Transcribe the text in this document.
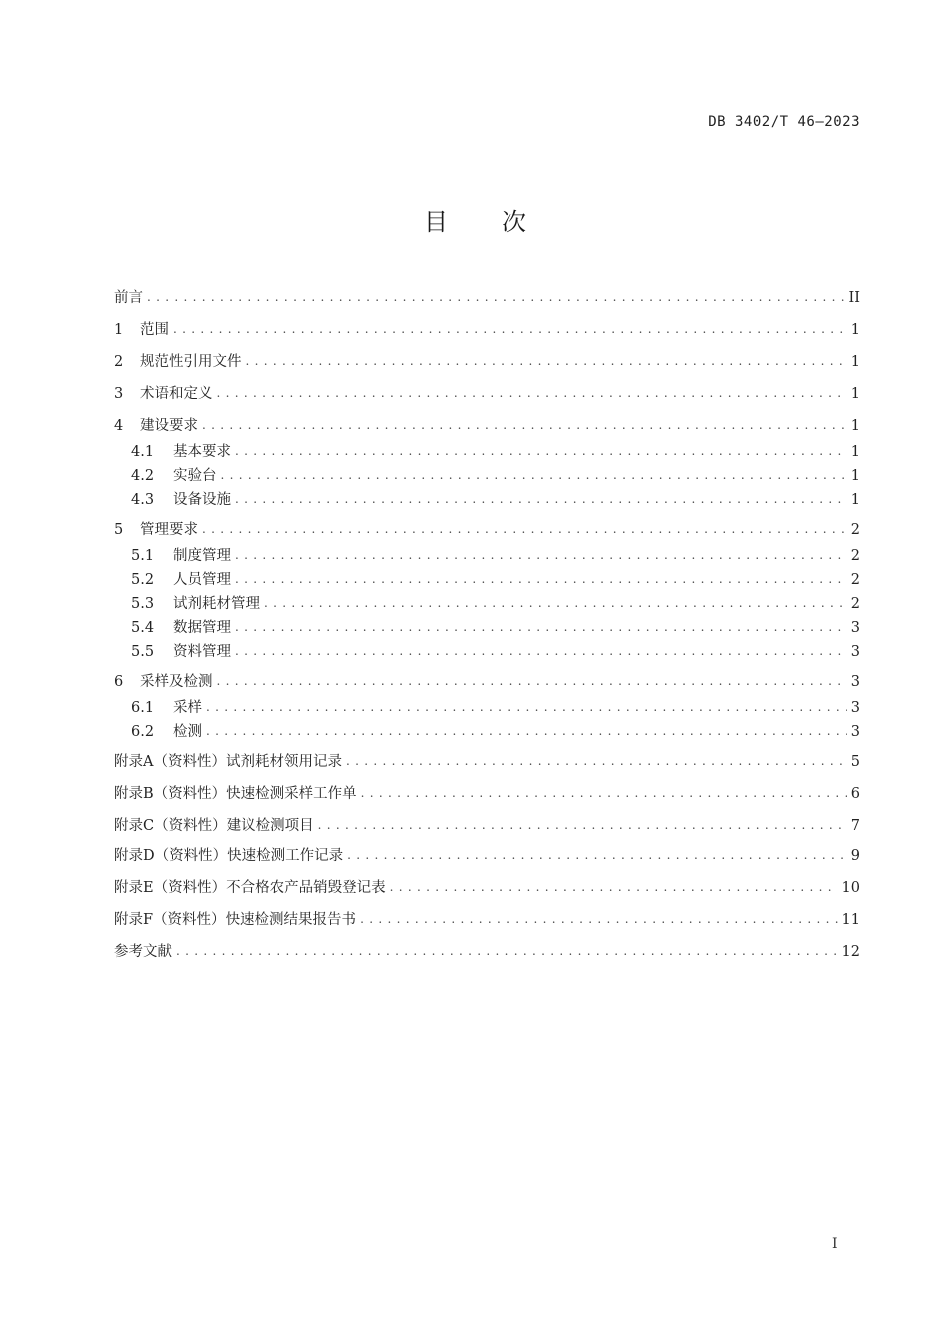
DB 3402/T 46—2023
目次
前言 . . .	II
1	范围 . . .	1
2	规范性引用文件 . . .	1
3	术语和定义 . . .	1
4	建设要求 . . .	1
4.1	基本要求 . . .	1
4.2	实验台 . . .	1
4.3	设备设施 . . .	1
5	管理要求 . . .	2
5.1	制度管理 . . .	2
5.2	人员管理 . . .	2
5.3	试剂耗材管理 . . .	2
5.4	数据管理 . . .	3
5.5	资料管理 . . .	3
6	采样及检测 . . .	3
6.1	采样 . . .	3
6.2	检测 . . .	3
附录A（资料性） 试剂耗材领用记录 . . .	5
附录B（资料性） 快速检测采样工作单 . . .	6
附录C（资料性） 建议检测项目 . . .	7
附录D（资料性） 快速检测工作记录 . . .	9
附录E（资料性） 不合格农产品销毁登记表 . . .	10
附录F（资料性） 快速检测结果报告书 . . .	11
参考文献 . . .	12
I
